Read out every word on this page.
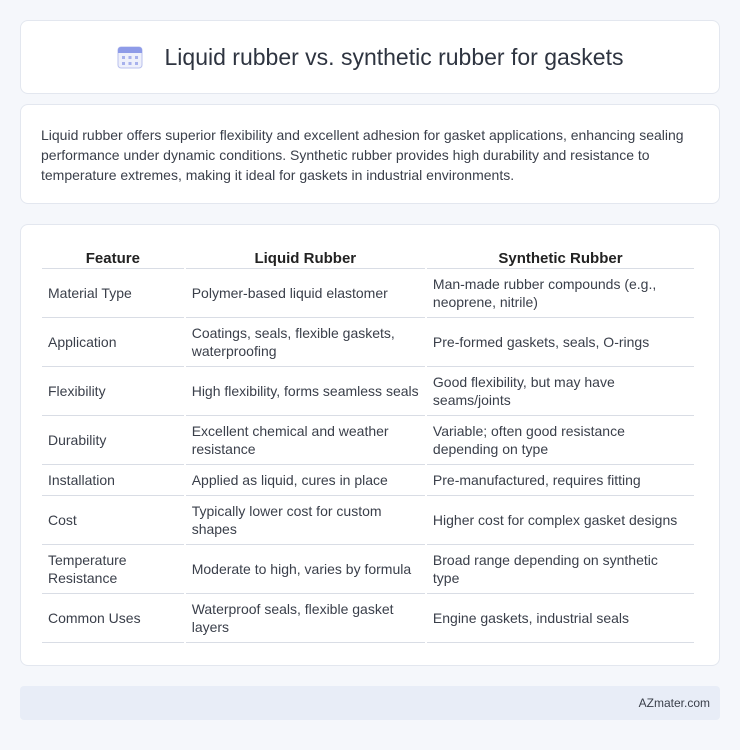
Liquid rubber vs. synthetic rubber for gaskets

Liquid rubber offers superior flexibility and excellent adhesion for gasket applications, enhancing sealing performance under dynamic conditions. Synthetic rubber provides high durability and resistance to temperature extremes, making it ideal for gaskets in industrial environments.

Feature	Liquid Rubber	Synthetic Rubber
Material Type	Polymer-based liquid elastomer	Man-made rubber compounds (e.g., neoprene, nitrile)
Application	Coatings, seals, flexible gaskets, waterproofing	Pre-formed gaskets, seals, O-rings
Flexibility	High flexibility, forms seamless seals	Good flexibility, but may have seams/joints
Durability	Excellent chemical and weather resistance	Variable; often good resistance depending on type
Installation	Applied as liquid, cures in place	Pre-manufactured, requires fitting
Cost	Typically lower cost for custom shapes	Higher cost for complex gasket designs
Temperature Resistance	Moderate to high, varies by formula	Broad range depending on synthetic type
Common Uses	Waterproof seals, flexible gasket layers	Engine gaskets, industrial seals
AZmater.com
